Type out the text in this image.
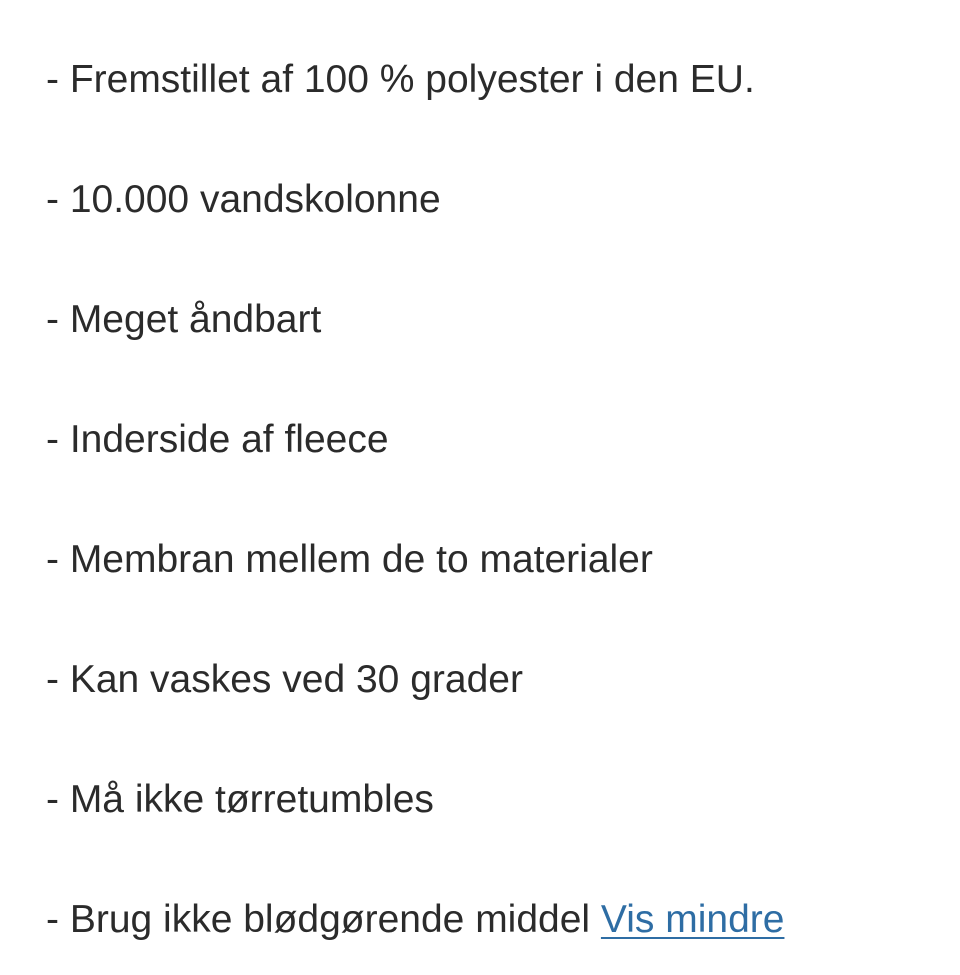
- Fremstillet af 100 % polyester i den EU.
- 10.000 vandskolonne
- Meget åndbart
- Inderside af fleece
- Membran mellem de to materialer
- Kan vaskes ved 30 grader
- Må ikke tørretumbles
- Brug ikke blødgørende middel Vis mindre
